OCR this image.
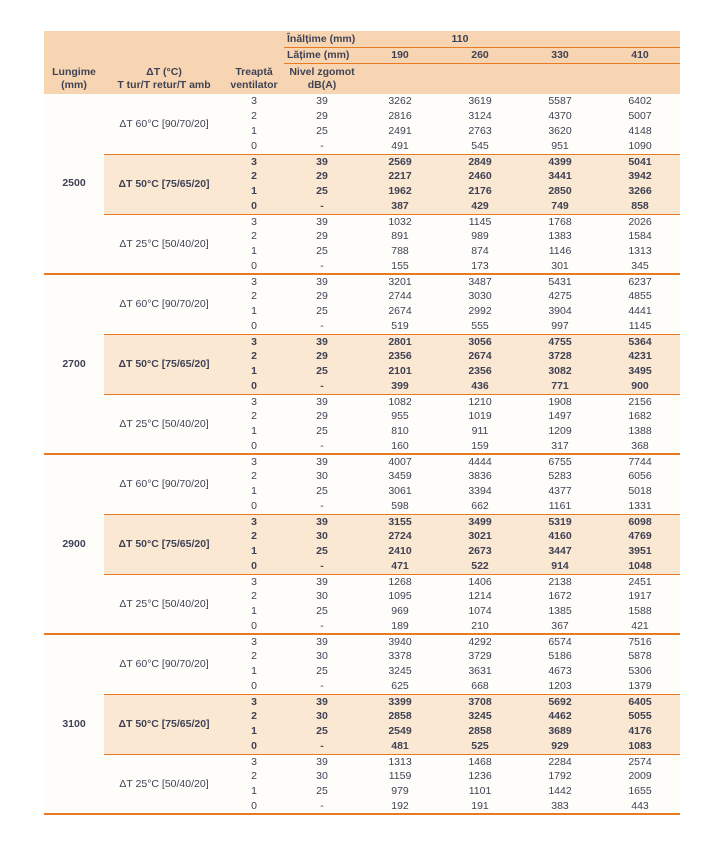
			Înălțime (mm)	110			
			Lățime (mm)	190	260	330	410

Lungime
(mm)

ΔT (°C)
T tur/T retur/T amb

Treaptă
ventilator

Nivel zgomot
dB(A)

2500	ΔT 60°C [90/70/20]	3	39	3262	3619	5587	6402
		2	29	2816	3124	4370	5007
		1	25	2491	2763	3620	4148
		0	-	491	545	951	1090
	ΔT 50°C [75/65/20]	3	39	2569	2849	4399	5041
		2	29	2217	2460	3441	3942
		1	25	1962	2176	2850	3266
		0	-	387	429	749	858
	ΔT 25°C [50/40/20]	3	39	1032	1145	1768	2026
		2	29	891	989	1383	1584
		1	25	788	874	1146	1313
		0	-	155	173	301	345
2700	ΔT 60°C [90/70/20]	3	39	3201	3487	5431	6237
		2	29	2744	3030	4275	4855
		1	25	2674	2992	3904	4441
		0	-	519	555	997	1145
	ΔT 50°C [75/65/20]	3	39	2801	3056	4755	5364
		2	29	2356	2674	3728	4231
		1	25	2101	2356	3082	3495
		0	-	399	436	771	900
	ΔT 25°C [50/40/20]	3	39	1082	1210	1908	2156
		2	29	955	1019	1497	1682
		1	25	810	911	1209	1388
		0	-	160	159	317	368
2900	ΔT 60°C [90/70/20]	3	39	4007	4444	6755	7744
		2	30	3459	3836	5283	6056
		1	25	3061	3394	4377	5018
		0	-	598	662	1161	1331
	ΔT 50°C [75/65/20]	3	39	3155	3499	5319	6098
		2	30	2724	3021	4160	4769
		1	25	2410	2673	3447	3951
		0	-	471	522	914	1048
	ΔT 25°C [50/40/20]	3	39	1268	1406	2138	2451
		2	30	1095	1214	1672	1917
		1	25	969	1074	1385	1588
		0	-	189	210	367	421
3100	ΔT 60°C [90/70/20]	3	39	3940	4292	6574	7516
		2	30	3378	3729	5186	5878
		1	25	3245	3631	4673	5306
		0	-	625	668	1203	1379
	ΔT 50°C [75/65/20]	3	39	3399	3708	5692	6405
		2	30	2858	3245	4462	5055
		1	25	2549	2858	3689	4176
		0	-	481	525	929	1083
	ΔT 25°C [50/40/20]	3	39	1313	1468	2284	2574
		2	30	1159	1236	1792	2009
		1	25	979	1101	1442	1655
		0	-	192	191	383	443
